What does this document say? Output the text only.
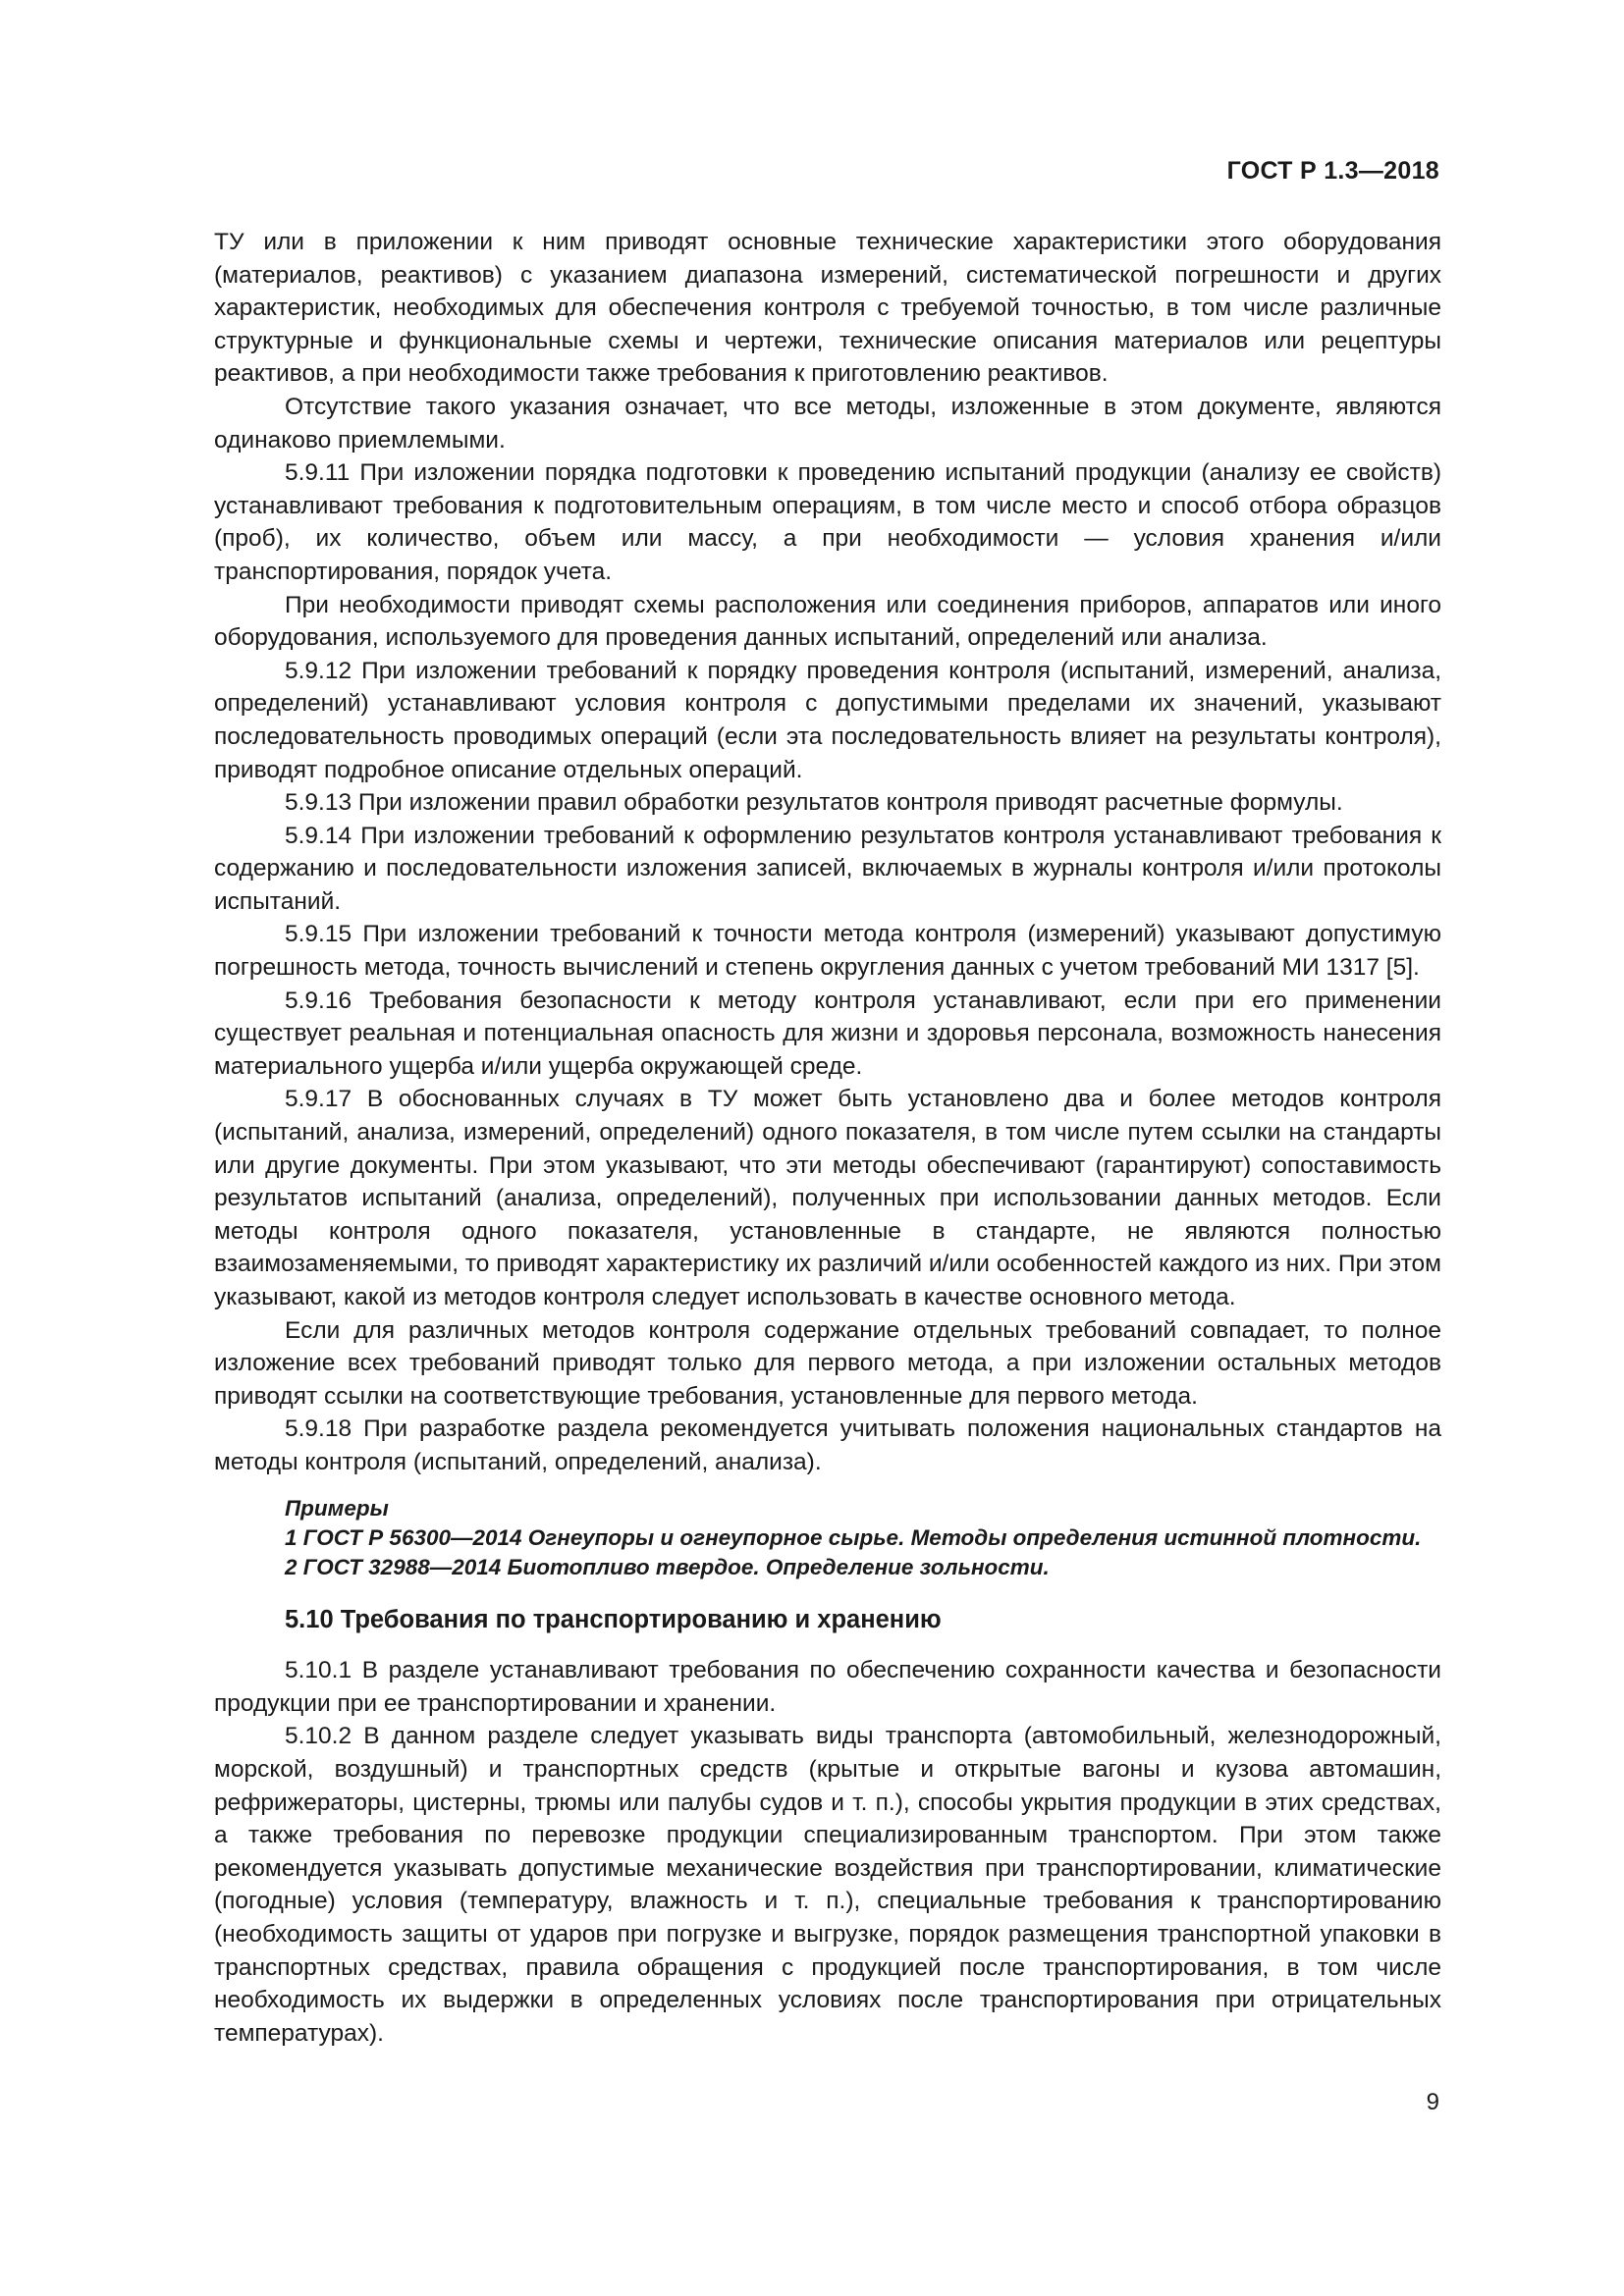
ГОСТ Р 1.3—2018

ТУ или в приложении к ним приводят основные технические характеристики этого оборудования (материалов, реактивов) с указанием диапазона измерений, систематической погрешности и других характеристик, необходимых для обеспечения контроля с требуемой точностью, в том числе различные структурные и функциональные схемы и чертежи, технические описания материалов или рецептуры реактивов, а при необходимости также требования к приготовлению реактивов.

Отсутствие такого указания означает, что все методы, изложенные в этом документе, являются одинаково приемлемыми.

5.9.11 При изложении порядка подготовки к проведению испытаний продукции (анализу ее свойств) устанавливают требования к подготовительным операциям, в том числе место и способ отбора образцов (проб), их количество, объем или массу, а при необходимости — условия хранения и/или транспортирования, порядок учета.

При необходимости приводят схемы расположения или соединения приборов, аппаратов или иного оборудования, используемого для проведения данных испытаний, определений или анализа.

5.9.12 При изложении требований к порядку проведения контроля (испытаний, измерений, анализа, определений) устанавливают условия контроля с допустимыми пределами их значений, указывают последовательность проводимых операций (если эта последовательность влияет на результаты контроля), приводят подробное описание отдельных операций.

5.9.13 При изложении правил обработки результатов контроля приводят расчетные формулы.

5.9.14 При изложении требований к оформлению результатов контроля устанавливают требования к содержанию и последовательности изложения записей, включаемых в журналы контроля и/или протоколы испытаний.

5.9.15 При изложении требований к точности метода контроля (измерений) указывают допустимую погрешность метода, точность вычислений и степень округления данных с учетом требований МИ 1317 [5].

5.9.16 Требования безопасности к методу контроля устанавливают, если при его применении существует реальная и потенциальная опасность для жизни и здоровья персонала, возможность нанесения материального ущерба и/или ущерба окружающей среде.

5.9.17 В обоснованных случаях в ТУ может быть установлено два и более методов контроля (испытаний, анализа, измерений, определений) одного показателя, в том числе путем ссылки на стандарты или другие документы. При этом указывают, что эти методы обеспечивают (гарантируют) сопоставимость результатов испытаний (анализа, определений), полученных при использовании данных методов. Если методы контроля одного показателя, установленные в стандарте, не являются полностью взаимозаменяемыми, то приводят характеристику их различий и/или особенностей каждого из них. При этом указывают, какой из методов контроля следует использовать в качестве основного метода.

Если для различных методов контроля содержание отдельных требований совпадает, то полное изложение всех требований приводят только для первого метода, а при изложении остальных методов приводят ссылки на соответствующие требования, установленные для первого метода.

5.9.18 При разработке раздела рекомендуется учитывать положения национальных стандартов на методы контроля (испытаний, определений, анализа).

Примеры
1 ГОСТ Р 56300—2014 Огнеупоры и огнеупорное сырье. Методы определения истинной плотности.
2 ГОСТ 32988—2014 Биотопливо твердое. Определение зольности.

5.10 Требования по транспортированию и хранению

5.10.1 В разделе устанавливают требования по обеспечению сохранности качества и безопасности продукции при ее транспортировании и хранении.

5.10.2 В данном разделе следует указывать виды транспорта (автомобильный, железнодорожный, морской, воздушный) и транспортных средств (крытые и открытые вагоны и кузова автомашин, рефрижераторы, цистерны, трюмы или палубы судов и т. п.), способы укрытия продукции в этих средствах, а также требования по перевозке продукции специализированным транспортом. При этом также рекомендуется указывать допустимые механические воздействия при транспортировании, климатические (погодные) условия (температуру, влажность и т. п.), специальные требования к транспортированию (необходимость защиты от ударов при погрузке и выгрузке, порядок размещения транспортной упаковки в транспортных средствах, правила обращения с продукцией после транспортирования, в том числе необходимость их выдержки в определенных условиях после транспортирования при отрицательных температурах).

9
